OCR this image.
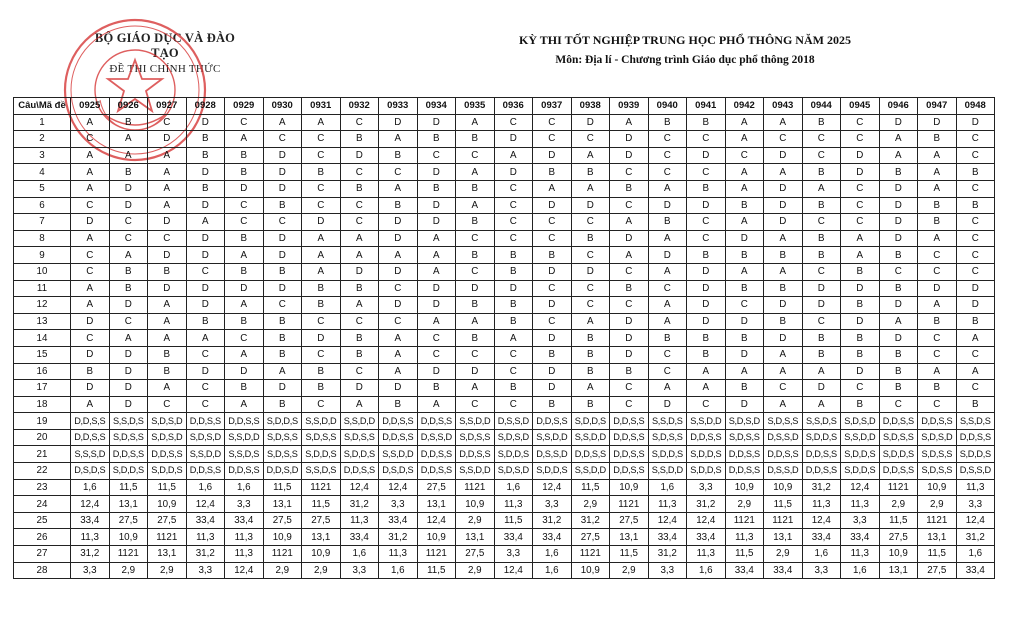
BỘ GIÁO DỤC VÀ ĐÀO TẠO
ĐỀ THI CHÍNH THỨC
KỲ THI TỐT NGHIỆP TRUNG HỌC PHỔ THÔNG NĂM 2025
Môn: Địa lí - Chương trình Giáo dục phổ thông 2018
Câu\Mã đề	0925	0926	0927	0928	0929	0930	0931	0932	0933	0934	0935	0936	0937	0938	0939	0940	0941	0942	0943	0944	0945	0946	0947	0948
1	A	B	C	D	C	A	A	C	D	D	A	C	C	D	A	B	B	A	A	B	C	D	D	D
2	C	A	D	B	A	C	C	B	A	B	B	D	C	C	D	C	C	A	C	C	C	A	B	C
3	A	A	A	B	B	D	C	D	B	C	C	A	D	A	D	C	D	C	D	C	D	A	A	C
4	A	B	A	D	B	D	B	C	C	D	A	D	B	B	C	C	C	A	A	B	D	B	A	B
5	A	D	A	B	D	D	C	B	A	B	B	C	A	A	B	A	B	A	D	A	C	D	A	C
6	C	D	A	D	C	B	C	C	B	D	A	C	D	D	C	D	D	B	D	B	C	D	B	B
7	D	C	D	A	C	C	D	C	D	D	B	C	C	C	A	B	C	A	D	C	C	D	B	C
8	A	C	C	D	B	D	A	A	D	A	C	C	C	B	D	A	C	D	A	B	A	D	A	C
9	C	A	D	D	A	D	A	A	A	A	B	B	B	C	A	D	B	B	B	B	A	B	C	C
10	C	B	B	C	B	B	A	D	D	A	C	B	D	D	C	A	D	A	A	C	B	C	C	C
11	A	B	D	D	D	D	B	B	C	D	D	D	C	C	B	C	D	B	B	D	D	B	D	D
12	A	D	A	D	A	C	B	A	D	D	B	B	D	C	C	A	D	C	D	D	B	D	A	D
13	D	C	A	B	B	B	C	C	C	A	A	B	C	A	D	A	D	D	B	C	D	A	B	B
14	C	A	A	A	C	B	D	B	A	C	B	A	D	B	D	B	B	B	D	B	B	D	C	A
15	D	D	B	C	A	B	C	B	A	C	C	C	B	B	D	C	B	D	A	B	B	B	C	C
16	B	D	B	D	D	A	B	C	A	D	D	C	D	B	B	C	A	A	A	A	D	B	A	A
17	D	D	A	C	B	D	B	D	D	B	A	B	D	A	C	A	A	B	C	D	C	B	B	C
18	A	D	C	C	A	B	C	A	B	A	C	C	B	B	C	D	C	D	A	A	B	C	C	B
19	D,D,S,S	S,S,D,S	S,D,S,D	D,D,S,S	D,D,S,S	S,D,D,S	S,S,D,D	S,S,D,D	D,D,S,S	D,D,S,S	S,S,D,D	D,S,S,D	D,D,S,S	S,D,D,S	D,D,S,S	S,S,D,S	S,S,D,D	S,D,S,D	S,D,S,S	S,S,D,S	S,D,S,D	D,D,S,S	D,D,S,S	S,S,D,S
20	D,D,S,S	S,D,S,S	S,D,S,D	S,D,S,D	S,S,D,D	S,D,S,S	S,D,S,S	S,D,S,S	D,D,S,S	D,S,S,D	S,D,S,S	S,D,S,D	S,S,D,D	S,S,D,D	D,D,S,S	S,D,S,S	D,D,S,S	S,D,S,S	D,S,S,D	S,D,D,S	S,S,D,D	S,D,S,S	S,D,S,D	D,D,S,S
21	S,S,S,D	D,D,S,S	D,D,S,S	S,S,D,D	S,S,D,S	S,D,S,S	S,D,D,S	S,D,D,S	S,S,D,D	D,D,S,S	D,D,S,S	S,D,D,S	D,S,S,D	D,D,S,S	D,D,S,S	S,D,D,S	S,D,D,S	D,D,S,S	D,D,S,S	D,D,S,S	S,D,D,S	S,D,D,S	S,D,S,S	S,D,D,S
22	D,S,D,S	S,D,D,S	S,D,D,S	D,D,S,S	D,D,S,S	D,D,S,D	S,S,D,S	D,D,S,S	D,S,D,S	D,D,S,S	S,S,D,D	S,D,S,D	S,D,D,S	S,S,D,D	D,D,S,S	S,S,D,D	S,D,D,S	D,D,S,S	D,S,S,D	D,D,S,S	S,D,D,S	D,D,S,S	S,D,S,S	D,S,S,D
23	1,6	11,5	11,5	1,6	1,6	11,5	1121	12,4	12,4	27,5	1121	1,6	12,4	11,5	10,9	1,6	3,3	10,9	10,9	31,2	12,4	1121	10,9	11,3
24	12,4	13,1	10,9	12,4	3,3	13,1	11,5	31,2	3,3	13,1	10,9	11,3	3,3	2,9	1121	11,3	31,2	2,9	11,5	11,3	11,3	2,9	2,9	3,3
25	33,4	27,5	27,5	33,4	33,4	27,5	27,5	11,3	33,4	12,4	2,9	11,5	31,2	31,2	27,5	12,4	12,4	1121	1121	12,4	3,3	11,5	1121	12,4
26	11,3	10,9	1121	11,3	11,3	10,9	13,1	33,4	31,2	10,9	13,1	33,4	33,4	27,5	13,1	33,4	33,4	11,3	13,1	33,4	33,4	27,5	13,1	31,2
27	31,2	1121	13,1	31,2	11,3	1121	10,9	1,6	11,3	1121	27,5	3,3	1,6	1121	11,5	31,2	11,3	11,5	2,9	1,6	11,3	10,9	11,5	1,6
28	3,3	2,9	2,9	3,3	12,4	2,9	2,9	3,3	1,6	11,5	2,9	12,4	1,6	10,9	2,9	3,3	1,6	33,4	33,4	3,3	1,6	13,1	27,5	33,4
